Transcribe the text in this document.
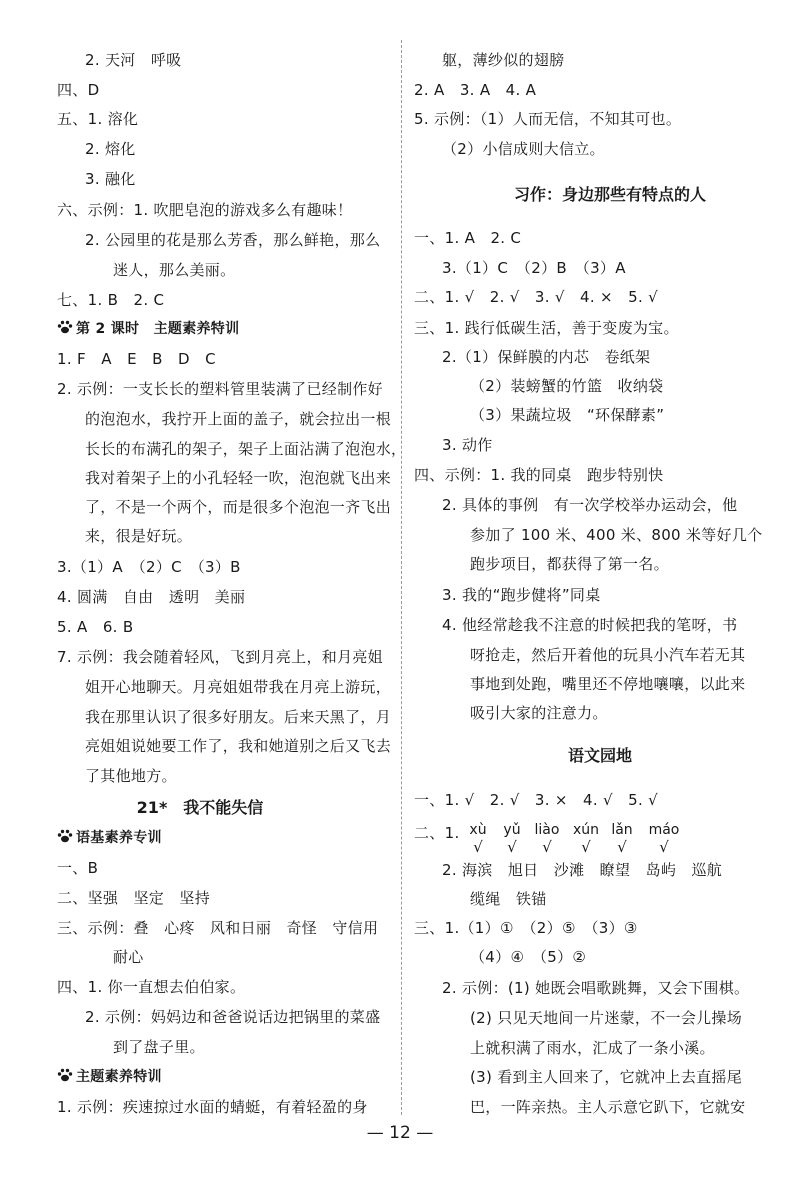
2. 天河　呼吸
四、D
五、1. 溶化
2. 熔化
3. 融化
六、示例：1. 吹肥皂泡的游戏多么有趣味！
2. 公园里的花是那么芳香，那么鲜艳，那么
迷人，那么美丽。
七、1. B　2. C
第 2 课时　主题素养特训
1. F　A　E　B　D　C
2. 示例：一支长长的塑料管里装满了已经制作好
的泡泡水，我拧开上面的盖子，就会拉出一根
长长的布满孔的架子，架子上面沾满了泡泡水，
我对着架子上的小孔轻轻一吹，泡泡就飞出来
了，不是一个两个，而是很多个泡泡一齐飞出
来，很是好玩。
3.（1）A　（2）C　（3）B
4. 圆满　自由　透明　美丽
5. A　6. B
7. 示例：我会随着轻风，飞到月亮上，和月亮姐
姐开心地聊天。月亮姐姐带我在月亮上游玩，
我在那里认识了很多好朋友。后来天黑了，月
亮姐姐说她要工作了，我和她道别之后又飞去
了其他地方。
21*　我不能失信
语基素养专训
一、B
二、坚强　坚定　坚持
三、示例：叠　心疼　风和日丽　奇怪　守信用
耐心
四、1. 你一直想去伯伯家。
2. 示例：妈妈边和爸爸说话边把锅里的菜盛
到了盘子里。
主题素养特训
1. 示例：疾速掠过水面的蜻蜓，有着轻盈的身
躯，薄纱似的翅膀
2. A　3. A　4. A
5. 示例：（1）人而无信，不知其可也。
（2）小信成则大信立。
习作：身边那些有特点的人
一、1. A　2. C
3.（1）C　（2）B　（3）A
二、1. √　2. √　3. √　4. ×　5. √
三、1. 践行低碳生活，善于变废为宝。
2.（1）保鲜膜的内芯　卷纸架
（2）装螃蟹的竹篮　收纳袋
（3）果蔬垃圾　“环保酵素”
3. 动作
四、示例：1. 我的同桌　跑步特别快
2. 具体的事例　有一次学校举办运动会，他
参加了 100 米、400 米、800 米等好几个
跑步项目，都获得了第一名。
3. 我的“跑步健将”同桌
4. 他经常趁我不注意的时候把我的笔呀，书
呀抢走，然后开着他的玩具小汽车若无其
事地到处跑，嘴里还不停地嚷嚷，以此来
吸引大家的注意力。
语文园地
一、1. √　2. √　3. ×　4. √　5. √
二、1. xù
√
yǔ
√
liào
√
xún
√
lǎn
√
máo
√
2. 海滨　旭日　沙滩　瞭望　岛屿　巡航
缆绳　铁锚
三、1.（1）①　（2）⑤　（3）③
（4）④　（5）②
2. 示例：(1) 她既会唱歌跳舞，又会下围棋。
(2) 只见天地间一片迷蒙，不一会儿操场
上就积满了雨水，汇成了一条小溪。
(3) 看到主人回来了，它就冲上去直摇尾
巴，一阵亲热。主人示意它趴下，它就安
— 12 —
